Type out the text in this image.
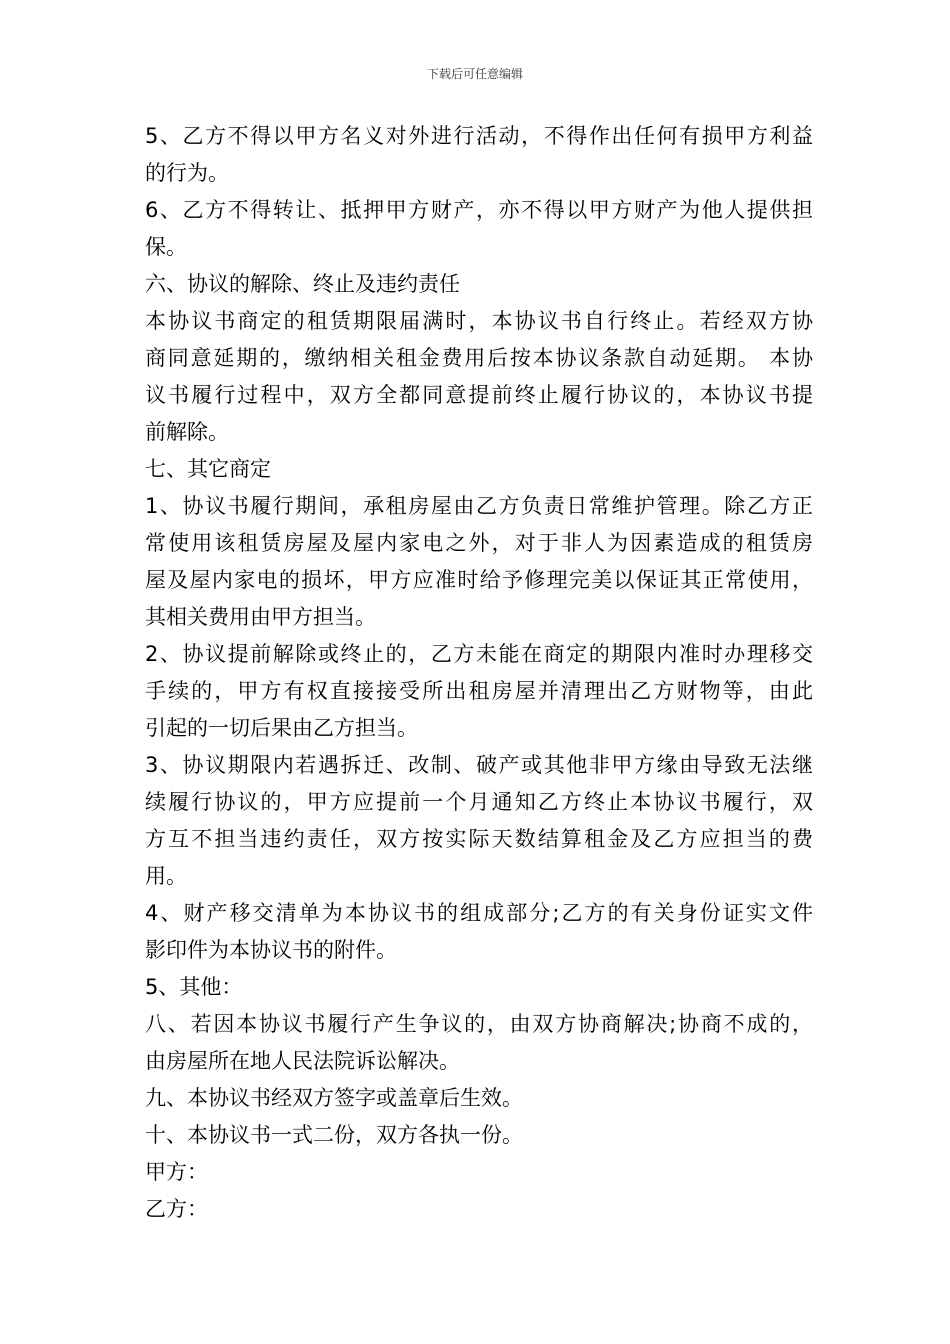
下载后可任意编辑
5、乙方不得以甲方名义对外进行活动，不得作出任何有损甲方利益
的行为。
6、乙方不得转让、抵押甲方财产，亦不得以甲方财产为他人提供担
保。
六、协议的解除、终止及违约责任
本协议书商定的租赁期限届满时，本协议书自行终止。若经双方协
商同意延期的，缴纳相关租金费用后按本协议条款自动延期。 本协
议书履行过程中，双方全都同意提前终止履行协议的，本协议书提
前解除。
七、其它商定
1、协议书履行期间，承租房屋由乙方负责日常维护管理。除乙方正
常使用该租赁房屋及屋内家电之外，对于非人为因素造成的租赁房
屋及屋内家电的损坏，甲方应准时给予修理完美以保证其正常使用，
其相关费用由甲方担当。
2、协议提前解除或终止的，乙方未能在商定的期限内准时办理移交
手续的，甲方有权直接接受所出租房屋并清理出乙方财物等，由此
引起的一切后果由乙方担当。
3、协议期限内若遇拆迁、改制、破产或其他非甲方缘由导致无法继
续履行协议的，甲方应提前一个月通知乙方终止本协议书履行，双
方互不担当违约责任，双方按实际天数结算租金及乙方应担当的费
用。
4、财产移交清单为本协议书的组成部分;乙方的有关身份证实文件
影印件为本协议书的附件。
5、其他：
八、若因本协议书履行产生争议的，由双方协商解决;协商不成的，
由房屋所在地人民法院诉讼解决。
九、本协议书经双方签字或盖章后生效。
十、本协议书一式二份，双方各执一份。
甲方：
乙方：
